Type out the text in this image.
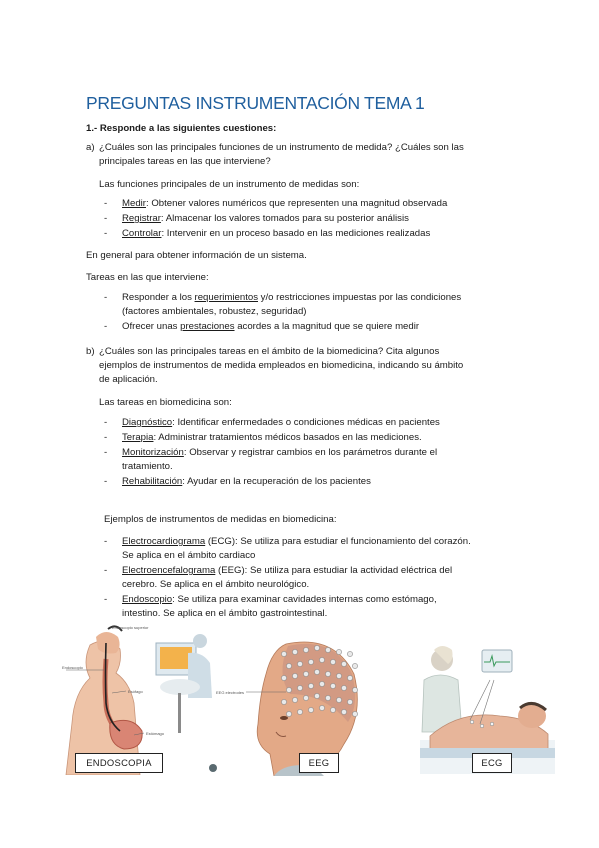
PREGUNTAS INSTRUMENTACIÓN TEMA 1
1.- Responde a las siguientes cuestiones:
a) ¿Cuáles son las principales funciones de un instrumento de medida? ¿Cuáles son las
principales tareas en las que interviene?
Las funciones principales de un instrumento de medidas son:
- Medir: Obtener valores numéricos que representen una magnitud observada
- Registrar: Almacenar los valores tomados para su posterior análisis
- Controlar: Intervenir en un proceso basado en las mediciones realizadas
En general para obtener información de un sistema.
Tareas en las que interviene:
- Responder a los requerimientos y/o restricciones impuestas por las condiciones
(factores ambientales, robustez, seguridad)
- Ofrecer unas prestaciones acordes a la magnitud que se quiere medir
b) ¿Cuáles son las principales tareas en el ámbito de la biomedicina? Cita algunos
ejemplos de instrumentos de medida empleados en biomedicina, indicando su ámbito
de aplicación.
Las tareas en biomedicina son:
- Diagnóstico: Identificar enfermedades o condiciones médicas en pacientes
- Terapia: Administrar tratamientos médicos basados en las mediciones.
- Monitorización: Observar y registrar cambios en los parámetros durante el
tratamiento.
- Rehabilitación: Ayudar en la recuperación de los pacientes
Ejemplos de instrumentos de medidas en biomedicina:
- Electrocardiograma (ECG): Se utiliza para estudiar el funcionamiento del corazón.
Se aplica en el ámbito cardiaco
- Electroencefalograma (EEG): Se utiliza para estudiar la actividad eléctrica del
cerebro. Se aplica en el ámbito neurológico.
- Endoscopio: Se utiliza para examinar cavidades internas como estómago,
intestino. Se aplica en el ámbito gastrointestinal.
Endoscopio superior
Endoscopio
Esófago
Estómago
ENDOSCOPIA
EEG electrodes
EEG	ECG
